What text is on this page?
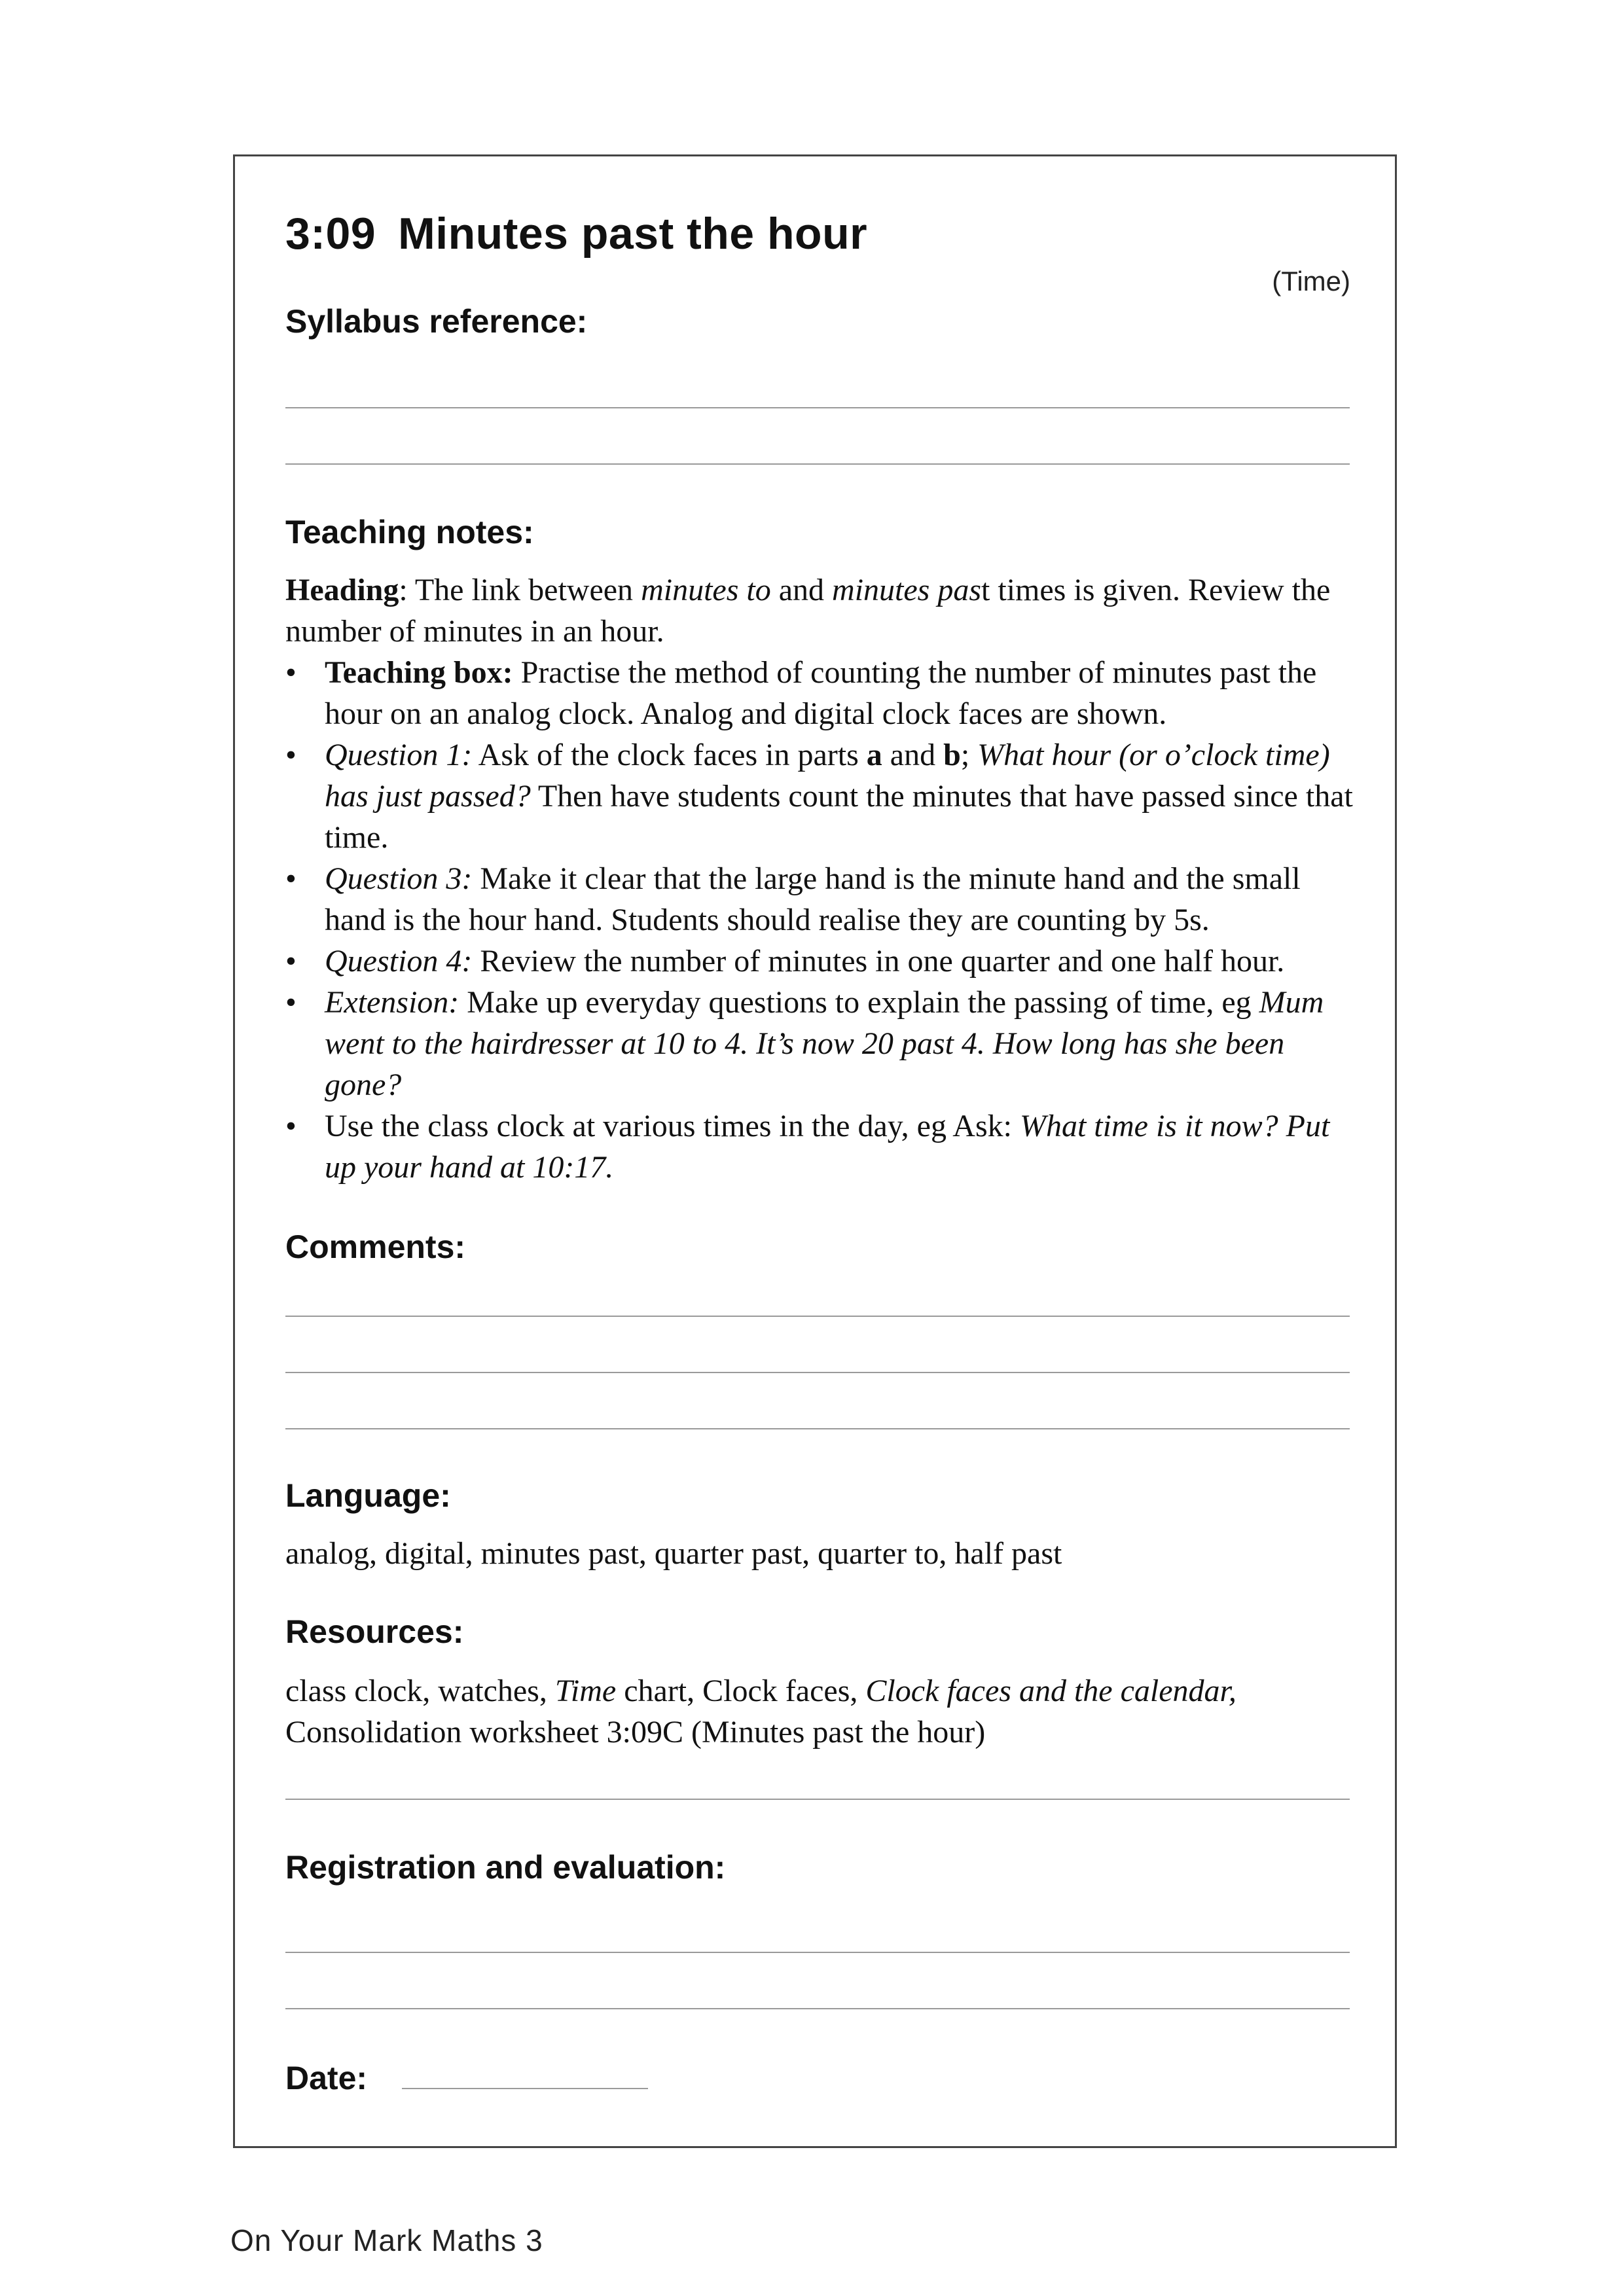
3:09 Minutes past the hour
(Time)
Syllabus reference:
Teaching notes:

Heading: The link between minutes to and minutes past times is given. Review the number of minutes in an hour.

• Teaching box: Practise the method of counting the number of minutes past the hour on an analog clock. Analog and digital clock faces are shown.
• Question 1: Ask of the clock faces in parts a and b; What hour (or o’clock time) has just passed? Then have students count the minutes that have passed since that time.
• Question 3: Make it clear that the large hand is the minute hand and the small hand is the hour hand. Students should realise they are counting by 5s.
• Question 4: Review the number of minutes in one quarter and one half hour.
• Extension: Make up everyday questions to explain the passing of time, eg Mum went to the hairdresser at 10 to 4. It’s now 20 past 4. How long has she been gone?
• Use the class clock at various times in the day, eg Ask: What time is it now? Put up your hand at 10:17.
Comments:
Language:
analog, digital, minutes past, quarter past, quarter to, half past
Resources:

class clock, watches, Time chart, Clock faces, Clock faces and the calendar,

Consolidation worksheet 3:09C (Minutes past the hour)

Registration and evaluation:
Date:
On Your Mark Maths 3
